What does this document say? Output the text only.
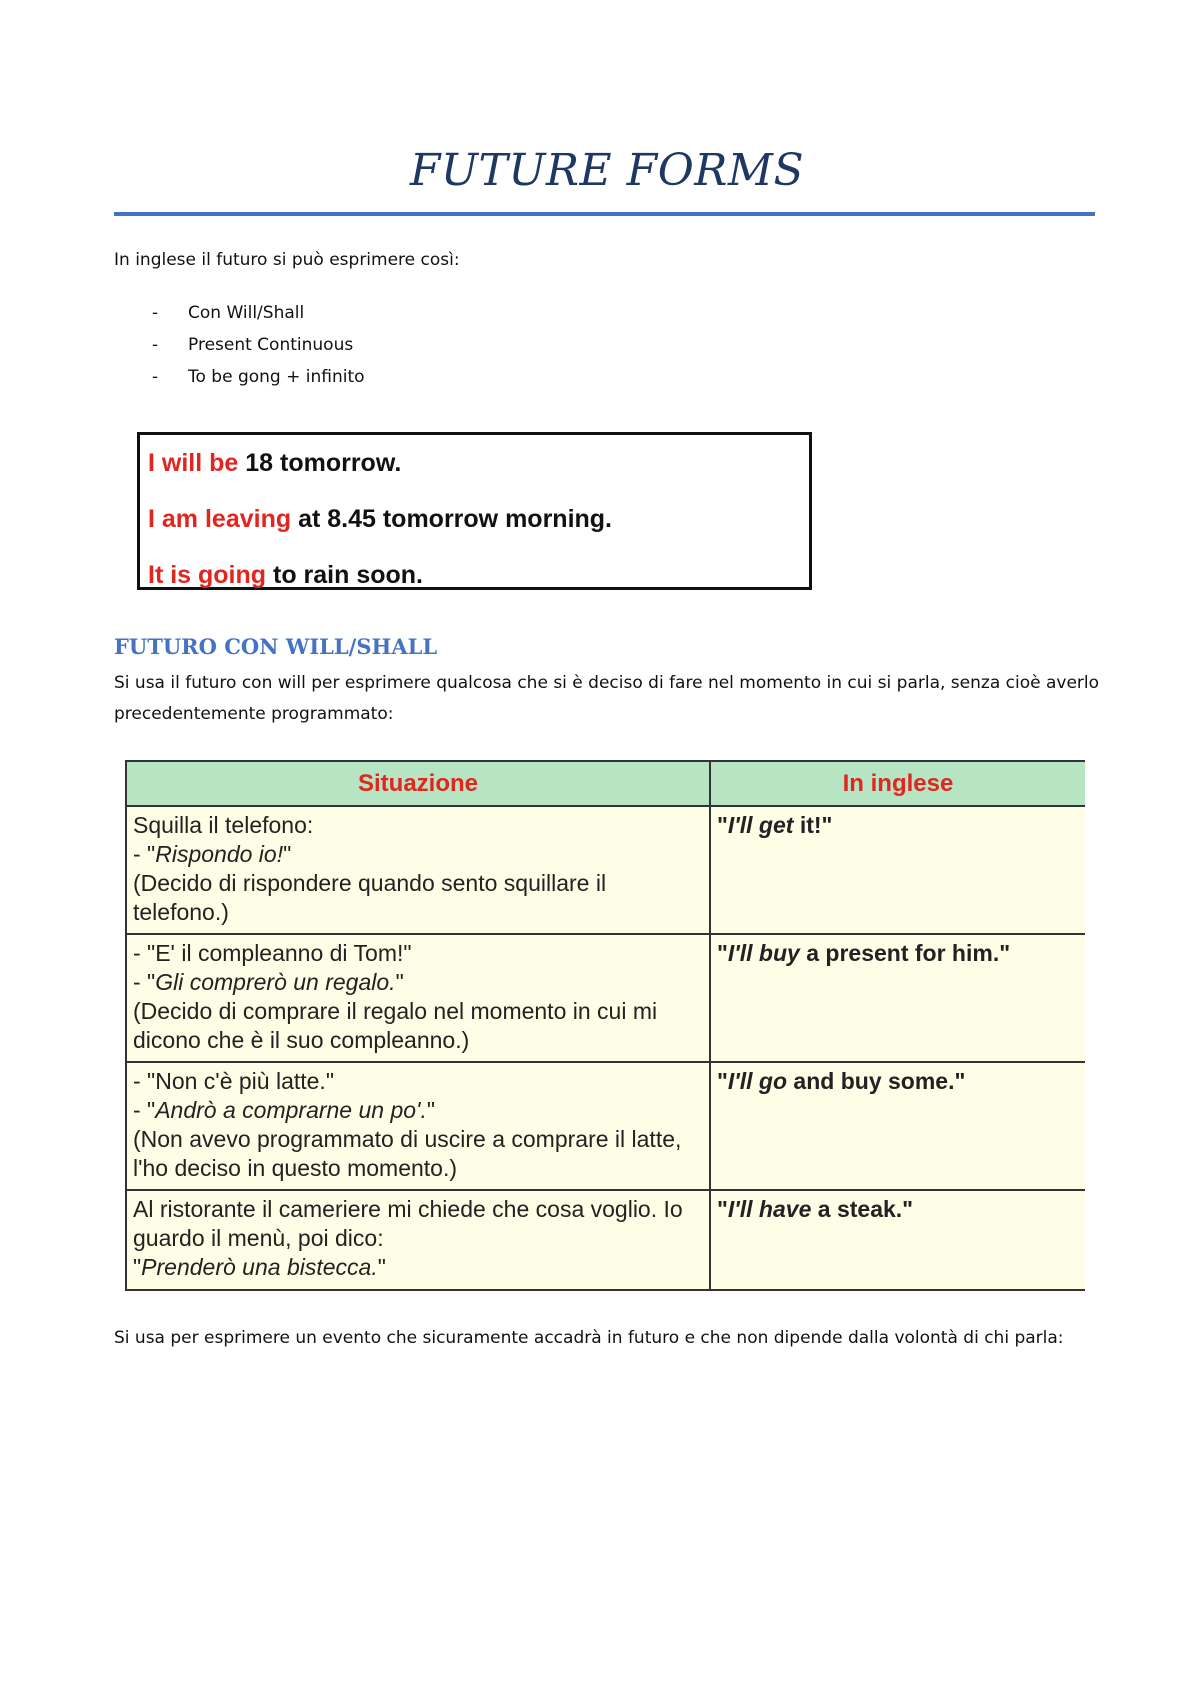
FUTURE FORMS
In inglese il futuro si può esprimere così:
- Con Will/Shall
- Present Continuous
- To be gong + infinito
I will be 18 tomorrow.
I am leaving at 8.45 tomorrow morning.
It is going to rain soon.
FUTURO CON WILL/SHALL
Si usa il futuro con will per esprimere qualcosa che si è deciso di fare nel momento in cui si parla, senza cioè averlo precedentemente programmato:
Situazione	In inglese

Squilla il telefono:
- "Rispondo io!"
(Decido di rispondere quando sento squillare il telefono.)	"I'll get it!"

- "E' il compleanno di Tom!"
- "Gli comprerò un regalo."
(Decido di comprare il regalo nel momento in cui mi dicono che è il suo compleanno.)	"I'll buy a present for him."

- "Non c'è più latte."
- "Andrò a comprarne un po'."
(Non avevo programmato di uscire a comprare il latte, l'ho deciso in questo momento.)	"I'll go and buy some."

Al ristorante il cameriere mi chiede che cosa voglio. Io guardo il menù, poi dico:
"Prenderò una bistecca."	"I'll have a steak."
Si usa per esprimere un evento che sicuramente accadrà in futuro e che non dipende dalla volontà di chi parla:
